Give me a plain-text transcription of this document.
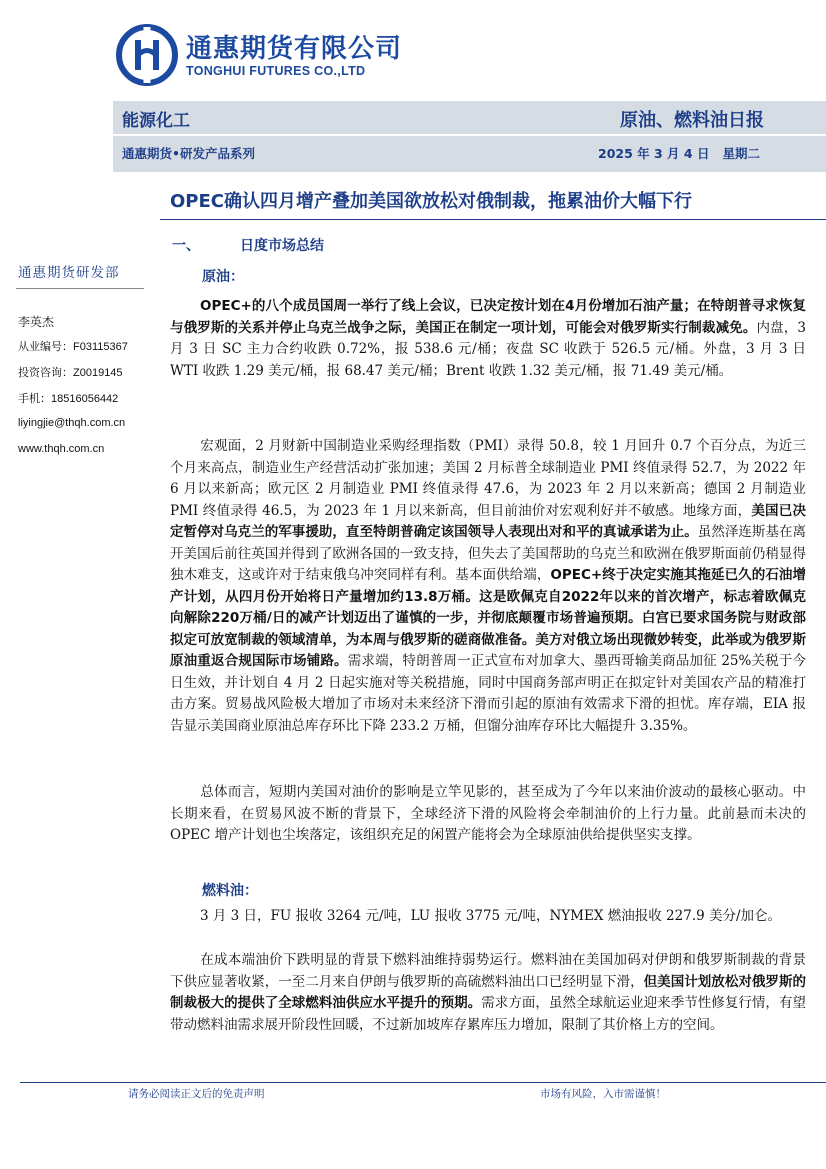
通惠期货有限公司
TONGHUI FUTURES CO.,LTD
能源化工	原油、燃料油日报
通惠期货•研发产品系列	2025 年 3 月 4 日 星期二
OPEC确认四月增产叠加美国欲放松对俄制裁，拖累油价大幅下行
通惠期货研发部
李英杰
从业编号：F03115367
投资咨询：Z0019145
手机：18516056442
liyingjie@thqh.com.cn
www.thqh.com.cn
一、	日度市场总结
原油：

OPEC+的八个成员国周一举行了线上会议，已决定按计划在4月份增加石油产量；在特朗普寻求恢复与俄罗斯的关系并停止乌克兰战争之际，美国正在制定一项计划，可能会对俄罗斯实行制裁减免。内盘，3 月 3 日 SC 主力合约收跌 0.72%，报 538.6 元/桶；夜盘 SC 收跌于 526.5 元/桶。外盘，3 月 3 日 WTI 收跌 1.29 美元/桶，报 68.47 美元/桶；Brent 收跌 1.32 美元/桶，报 71.49 美元/桶。

宏观面，2 月财新中国制造业采购经理指数（PMI）录得 50.8，较 1 月回升 0.7 个百分点，为近三个月来高点，制造业生产经营活动扩张加速；美国 2 月标普全球制造业 PMI 终值录得 52.7，为 2022 年 6 月以来新高；欧元区 2 月制造业 PMI 终值录得 47.6，为 2023 年 2 月以来新高；德国 2 月制造业 PMI 终值录得 46.5，为 2023 年 1 月以来新高，但目前油价对宏观利好并不敏感。地缘方面，美国已决定暂停对乌克兰的军事援助，直至特朗普确定该国领导人表现出对和平的真诚承诺为止。虽然泽连斯基在离开美国后前往英国并得到了欧洲各国的一致支持，但失去了美国帮助的乌克兰和欧洲在俄罗斯面前仍稍显得独木难支，这或许对于结束俄乌冲突同样有利。基本面供给端，OPEC+终于决定实施其拖延已久的石油增产计划，从四月份开始将日产量增加约13.8万桶。这是欧佩克自2022年以来的首次增产，标志着欧佩克向解除220万桶/日的减产计划迈出了谨慎的一步，并彻底颠覆市场普遍预期。白宫已要求国务院与财政部拟定可放宽制裁的领域清单，为本周与俄罗斯的磋商做准备。美方对俄立场出现微妙转变，此举或为俄罗斯原油重返合规国际市场铺路。需求端，特朗普周一正式宣布对加拿大、墨西哥输美商品加征 25%关税于今日生效，并计划自 4 月 2 日起实施对等关税措施，同时中国商务部声明正在拟定针对美国农产品的精准打击方案。贸易战风险极大增加了市场对未来经济下滑而引起的原油有效需求下滑的担忧。库存端，EIA 报告显示美国商业原油总库存环比下降 233.2 万桶，但馏分油库存环比大幅提升 3.35%。

总体而言，短期内美国对油价的影响是立竿见影的，甚至成为了今年以来油价波动的最核心驱动。中长期来看，在贸易风波不断的背景下，全球经济下滑的风险将会牵制油价的上行力量。此前悬而未决的 OPEC 增产计划也尘埃落定，该组织充足的闲置产能将会为全球原油供给提供坚实支撑。

燃料油：

3 月 3 日，FU 报收 3264 元/吨，LU 报收 3775 元/吨，NYMEX 燃油报收 227.9 美分/加仑。

在成本端油价下跌明显的背景下燃料油维持弱势运行。燃料油在美国加码对伊朗和俄罗斯制裁的背景下供应显著收紧，一至二月来自伊朗与俄罗斯的高硫燃料油出口已经明显下滑，但美国计划放松对俄罗斯的制裁极大的提供了全球燃料油供应水平提升的预期。需求方面，虽然全球航运业迎来季节性修复行情，有望带动燃料油需求展开阶段性回暖，不过新加坡库存累库压力增加，限制了其价格上方的空间。

请务必阅读正文后的免责声明	市场有风险，入市需谨慎！
